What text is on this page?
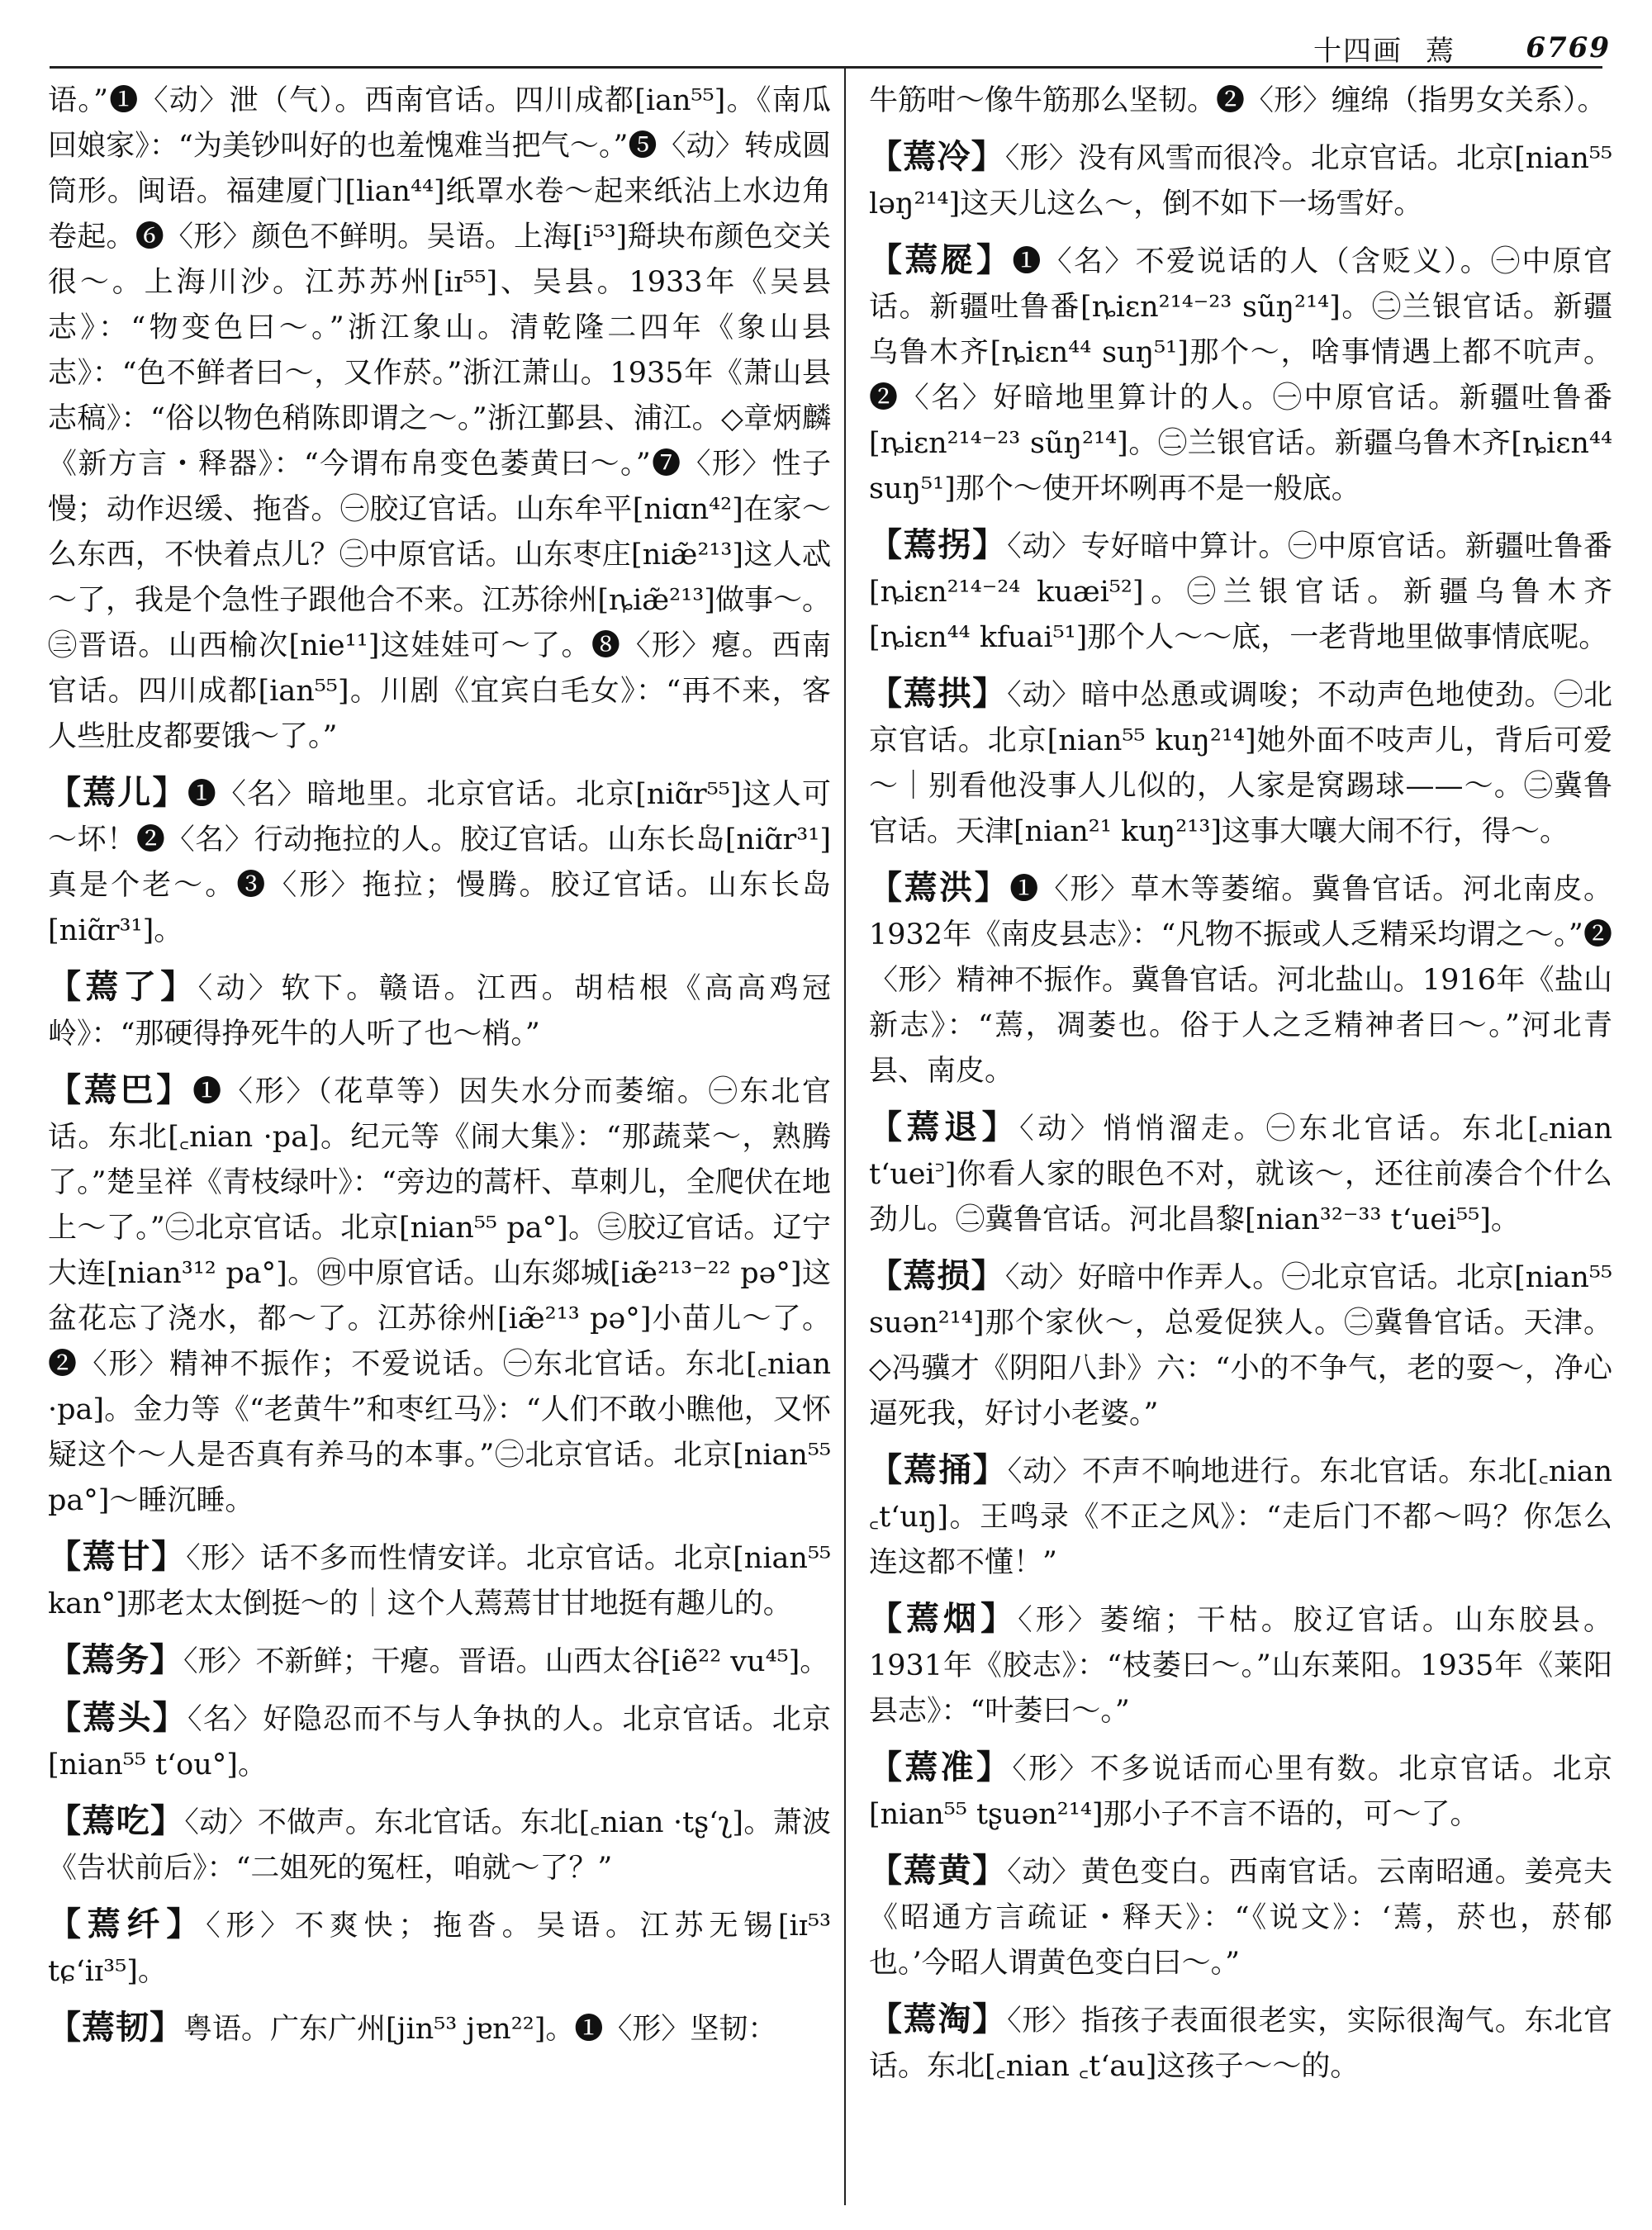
十四画 蔫	6769

语。”❶〈动〉泄（气）。西南官话。四川成都[ian⁵⁵]。《南瓜回娘家》：“为美钞叫好的也羞愧难当把气～。”❺〈动〉转成圆筒形。闽语。福建厦门[lian⁴⁴]纸罩水卷～起来纸沾上水边角卷起。❻〈形〉颜色不鲜明。吴语。上海[i⁵³]搿块布颜色交关很～。上海川沙。江苏苏州[iɪ⁵⁵]、吴县。1933年《吴县志》：“物变色曰～。”浙江象山。清乾隆二四年《象山县志》：“色不鲜者曰～，又作菸。”浙江萧山。1935年《萧山县志稿》：“俗以物色稍陈即谓之～。”浙江鄞县、浦江。◇章炳麟《新方言・释器》：“今谓布帛变色萎黄曰～。”❼〈形〉性子慢；动作迟缓、拖沓。㊀胶辽官话。山东牟平[niɑn⁴²]在家～么东西，不快着点儿？㊁中原官话。山东枣庄[niæ̃²¹³]这人忒～了，我是个急性子跟他合不来。江苏徐州[ȵiæ̃²¹³]做事～。㊂晋语。山西榆次[nie¹¹]这娃娃可～了。❽〈形〉瘪。西南官话。四川成都[ian⁵⁵]。川剧《宜宾白毛女》：“再不来，客人些肚皮都要饿～了。”

【蔫儿】❶〈名〉暗地里。北京官话。北京[niɑ̃r⁵⁵]这人可～坏！❷〈名〉行动拖拉的人。胶辽官话。山东长岛[niɑ̃r³¹]真是个老～。❸〈形〉拖拉；慢腾。胶辽官话。山东长岛[niɑ̃r³¹]。

【蔫了】〈动〉软下。赣语。江西。胡桔根《高高鸡冠岭》：“那硬得挣死牛的人听了也～梢。”

【蔫巴】❶〈形〉（花草等）因失水分而萎缩。㊀东北官话。东北[꜀nian ·pa]。纪元等《闹大集》：“那蔬菜～，熟腾了。”楚呈祥《青枝绿叶》：“旁边的蒿杆、草刺儿，全爬伏在地上～了。”㊁北京官话。北京[nian⁵⁵ pa°]。㊂胶辽官话。辽宁大连[nian³¹² pa°]。㊃中原官话。山东郯城[iæ̃²¹³⁻²² pə°]这盆花忘了浇水，都～了。江苏徐州[iæ̃²¹³ pə°]小苗儿～了。❷〈形〉精神不振作；不爱说话。㊀东北官话。东北[꜀nian ·pa]。金力等《“老黄牛”和枣红马》：“人们不敢小瞧他，又怀疑这个～人是否真有养马的本事。”㊁北京官话。北京[nian⁵⁵ pa°]～睡沉睡。

【蔫甘】〈形〉话不多而性情安详。北京官话。北京[nian⁵⁵ kan°]那老太太倒挺～的｜这个人蔫蔫甘甘地挺有趣儿的。

【蔫务】〈形〉不新鲜；干瘪。晋语。山西太谷[iẽ²² vu⁴⁵]。

【蔫头】〈名〉好隐忍而不与人争执的人。北京官话。北京[nian⁵⁵ t‘ou°]。

【蔫吃】〈动〉不做声。东北官话。东北[꜀nian ·tʂ‘ʅ]。萧波《告状前后》：“二姐死的冤枉，咱就～了？”

【蔫纤】〈形〉不爽快；拖沓。吴语。江苏无锡[iɪ⁵³ tɕ‘iɪ³⁵]。

【蔫韧】粤语。广东广州[jin⁵³ jɐn²²]。❶〈形〉坚韧：

牛筋咁～像牛筋那么坚韧。❷〈形〉缠绵（指男女关系）。

【蔫冷】〈形〉没有风雪而很冷。北京官话。北京[nian⁵⁵ ləŋ²¹⁴]这天儿这么～，倒不如下一场雪好。

【蔫㞞】❶〈名〉不爱说话的人（含贬义）。㊀中原官话。新疆吐鲁番[ȵiɛn²¹⁴⁻²³ sũŋ²¹⁴]。㊁兰银官话。新疆乌鲁木齐[ȵiɛn⁴⁴ suŋ⁵¹]那个～，啥事情遇上都不吭声。❷〈名〉好暗地里算计的人。㊀中原官话。新疆吐鲁番[ȵiɛn²¹⁴⁻²³ sũŋ²¹⁴]。㊁兰银官话。新疆乌鲁木齐[ȵiɛn⁴⁴ suŋ⁵¹]那个～使开坏咧再不是一般底。

【蔫拐】〈动〉专好暗中算计。㊀中原官话。新疆吐鲁番[ȵiɛn²¹⁴⁻²⁴ kuæi⁵²]。㊁兰银官话。新疆乌鲁木齐[ȵiɛn⁴⁴ kfuai⁵¹]那个人～～底，一老背地里做事情底呢。

【蔫拱】〈动〉暗中怂恿或调唆；不动声色地使劲。㊀北京官话。北京[nian⁵⁵ kuŋ²¹⁴]她外面不吱声儿，背后可爱～｜别看他没事人儿似的，人家是窝踢球——～。㊁冀鲁官话。天津[nian²¹ kuŋ²¹³]这事大嚷大闹不行，得～。

【蔫洪】❶〈形〉草木等萎缩。冀鲁官话。河北南皮。1932年《南皮县志》：“凡物不振或人乏精采均谓之～。”❷〈形〉精神不振作。冀鲁官话。河北盐山。1916年《盐山新志》：“蔫，凋萎也。俗于人之乏精神者曰～。”河北青县、南皮。

【蔫退】〈动〉悄悄溜走。㊀东北官话。东北[꜀nian t‘uei꜄]你看人家的眼色不对，就该～，还往前凑合个什么劲儿。㊁冀鲁官话。河北昌黎[nian³²⁻³³ t‘uei⁵⁵]。

【蔫损】〈动〉好暗中作弄人。㊀北京官话。北京[nian⁵⁵ suən²¹⁴]那个家伙～，总爱促狭人。㊁冀鲁官话。天津。◇冯骥才《阴阳八卦》六：“小的不争气，老的耍～，净心逼死我，好讨小老婆。”

【蔫捅】〈动〉不声不响地进行。东北官话。东北[꜀nian ꜀t‘uŋ]。王鸣录《不正之风》：“走后门不都～吗？你怎么连这都不懂！”

【蔫烟】〈形〉萎缩；干枯。胶辽官话。山东胶县。1931年《胶志》：“枝萎曰～。”山东莱阳。1935年《莱阳县志》：“叶萎曰～。”

【蔫准】〈形〉不多说话而心里有数。北京官话。北京[nian⁵⁵ tʂuən²¹⁴]那小子不言不语的，可～了。

【蔫黄】〈动〉黄色变白。西南官话。云南昭通。姜亮夫《昭通方言疏证・释天》：“《说文》：‘蔫，菸也，菸郁也。’今昭人谓黄色变白曰～。”

【蔫淘】〈形〉指孩子表面很老实，实际很淘气。东北官话。东北[꜀nian ꜀t‘au]这孩子～～的。
